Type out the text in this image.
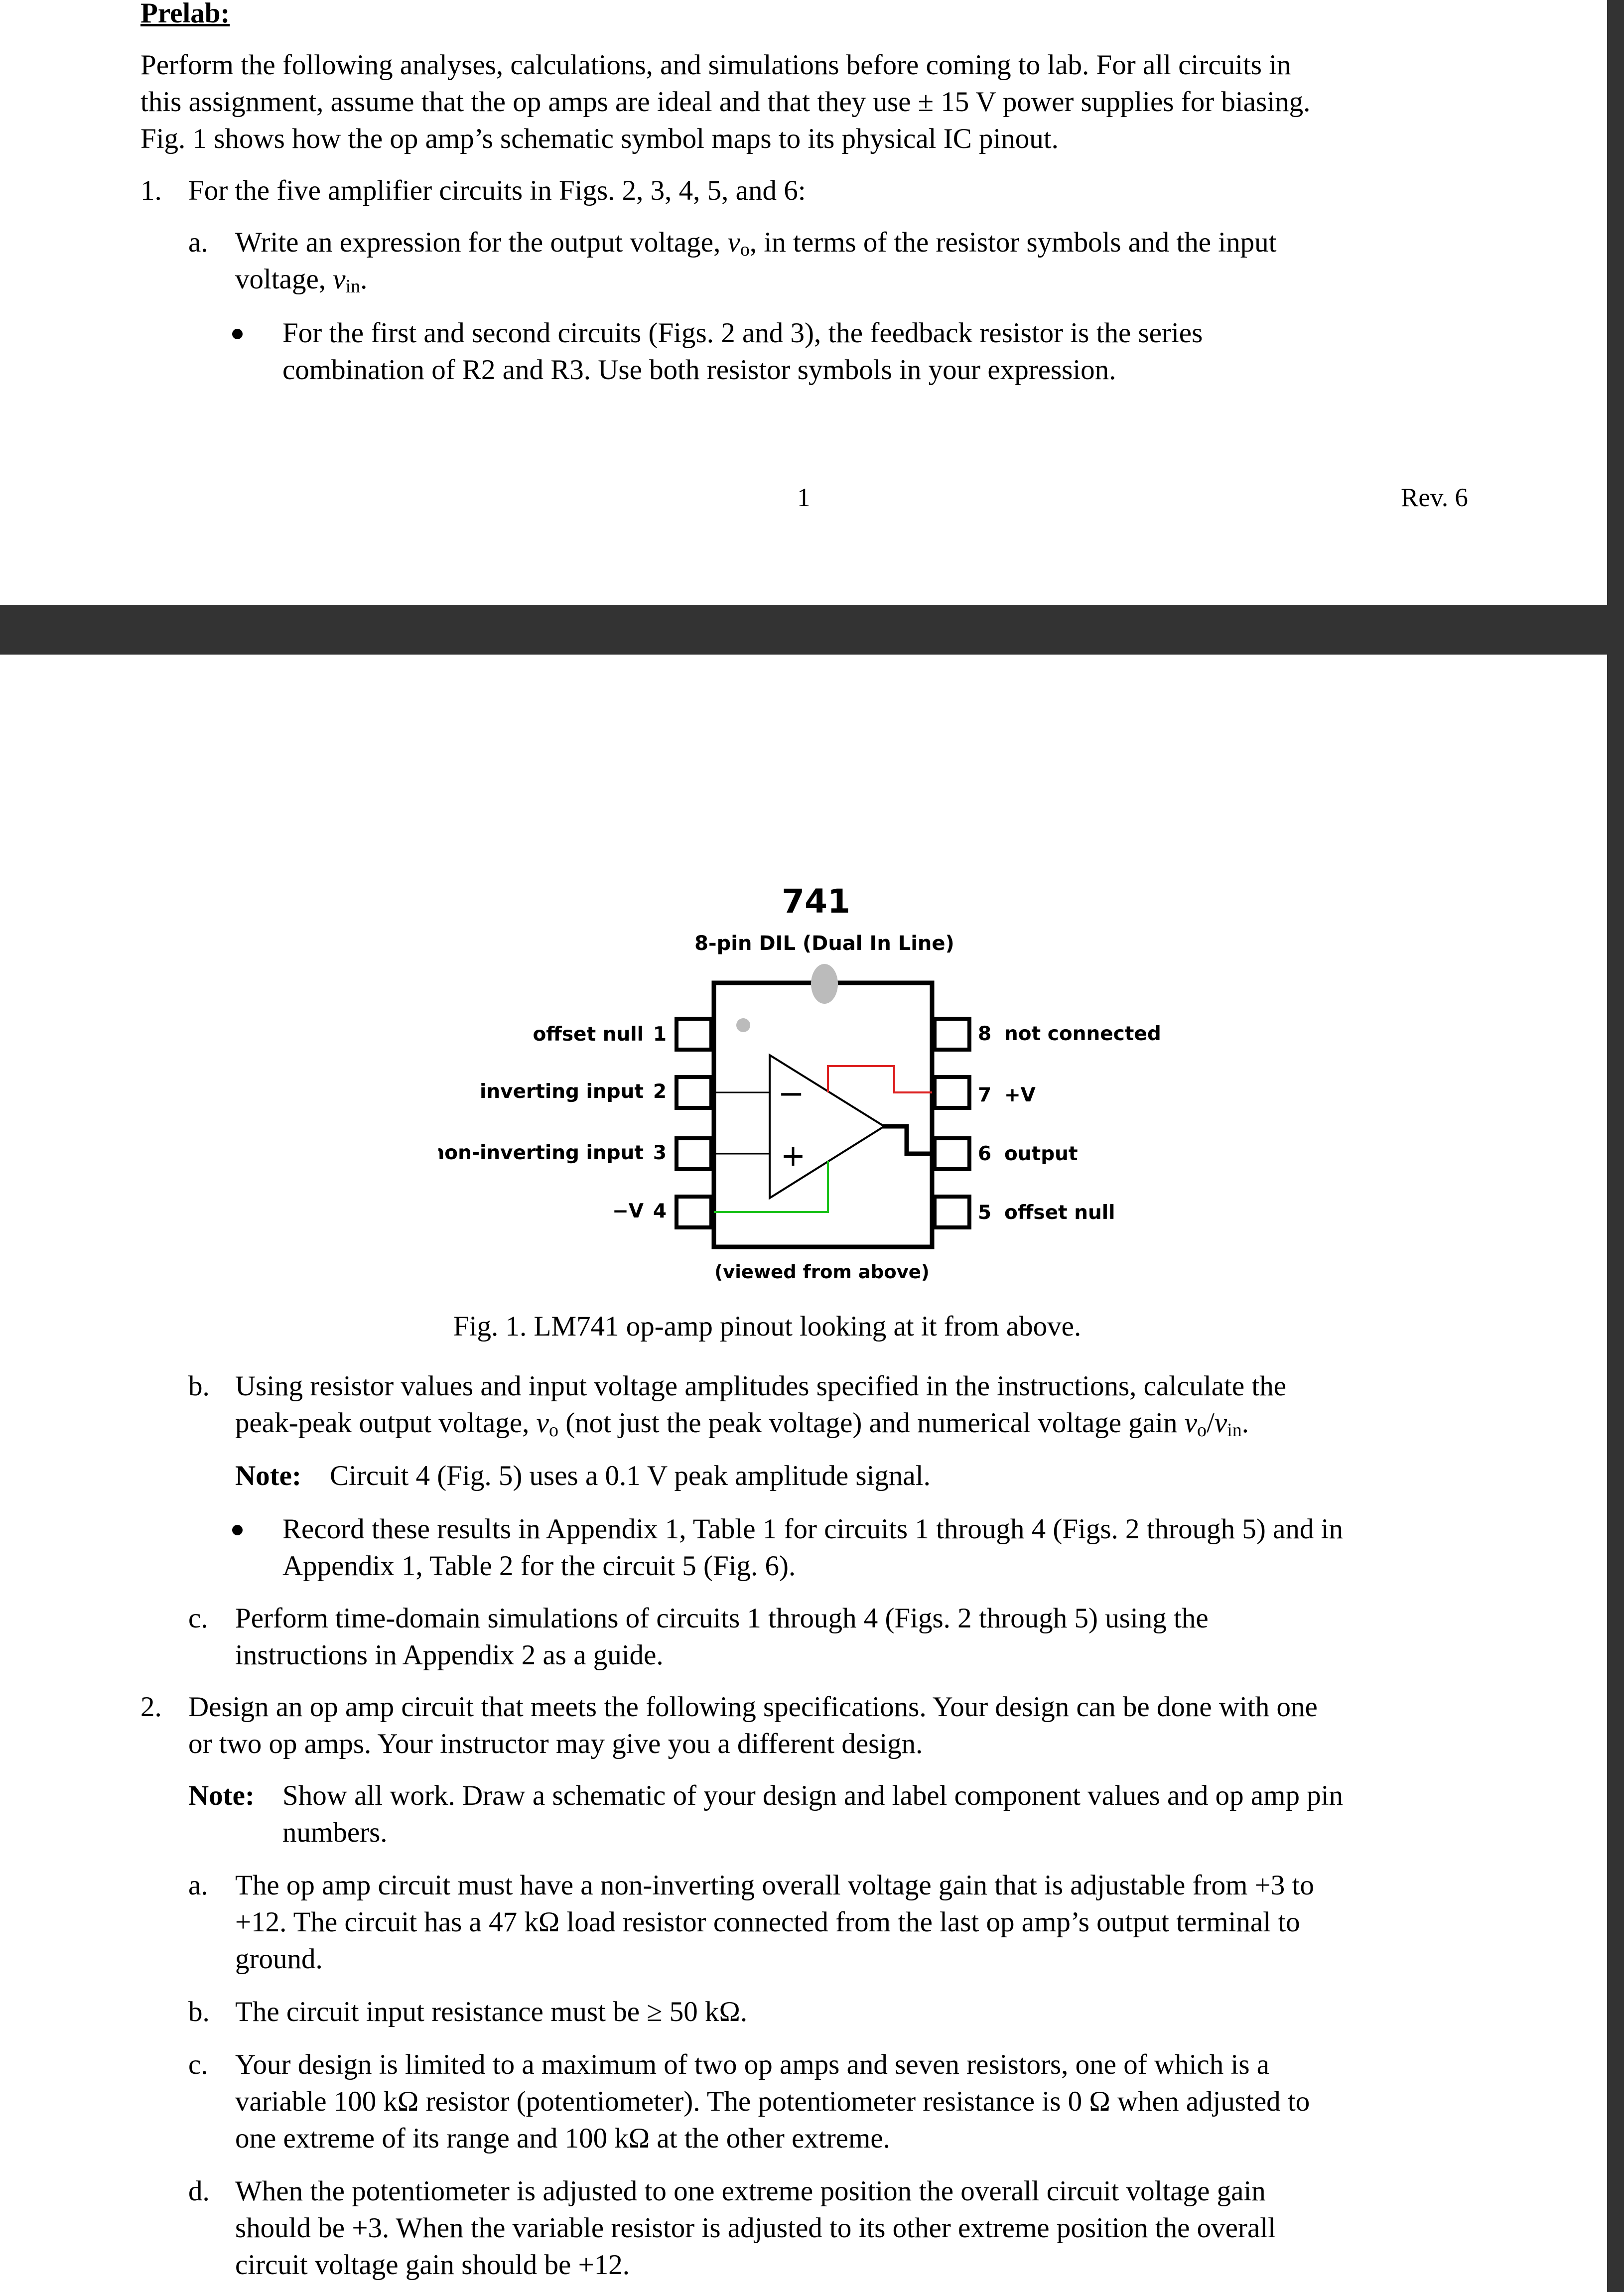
Prelab:
Perform the following analyses, calculations, and simulations before coming to lab. For all circuits in
this assignment, assume that the op amps are ideal and that they use ± 15 V power supplies for biasing.
Fig. 1 shows how the op amp’s schematic symbol maps to its physical IC pinout.
1. For the five amplifier circuits in Figs. 2, 3, 4, 5, and 6:
a. Write an expression for the output voltage, $v_o$, in terms of the resistor symbols and the input
voltage, $v_{in}$.
For the first and second circuits (Figs. 2 and 3), the feedback resistor is the series
combination of R2 and R3. Use both resistor symbols in your expression.
1	Rev. 6
741
8-pin DIL (Dual In Line)
−
+
offset null 1
inverting input 2
non-inverting input 3
−V 4
8 not connected
7 +V
6 output
5 offset null
(viewed from above)
Fig. 1. LM741 op-amp pinout looking at it from above.
b. Using resistor values and input voltage amplitudes specified in the instructions, calculate the
peak-peak output voltage, $v_o$ (not just the peak voltage) and numerical voltage gain $v_o/v_{in}$.
Note: Circuit 4 (Fig. 5) uses a 0.1 V peak amplitude signal.
Record these results in Appendix 1, Table 1 for circuits 1 through 4 (Figs. 2 through 5) and in
Appendix 1, Table 2 for the circuit 5 (Fig. 6).
c. Perform time-domain simulations of circuits 1 through 4 (Figs. 2 through 5) using the
instructions in Appendix 2 as a guide.
2. Design an op amp circuit that meets the following specifications. Your design can be done with one
or two op amps. Your instructor may give you a different design.
Note: Show all work. Draw a schematic of your design and label component values and op amp pin
numbers.
a. The op amp circuit must have a non-inverting overall voltage gain that is adjustable from +3 to
+12. The circuit has a 47 kΩ load resistor connected from the last op amp’s output terminal to
ground.
b. The circuit input resistance must be ≥ 50 kΩ.
c. Your design is limited to a maximum of two op amps and seven resistors, one of which is a
variable 100 kΩ resistor (potentiometer). The potentiometer resistance is 0 Ω when adjusted to
one extreme of its range and 100 kΩ at the other extreme.
d. When the potentiometer is adjusted to one extreme position the overall circuit voltage gain
should be +3. When the variable resistor is adjusted to its other extreme position the overall
circuit voltage gain should be +12.
